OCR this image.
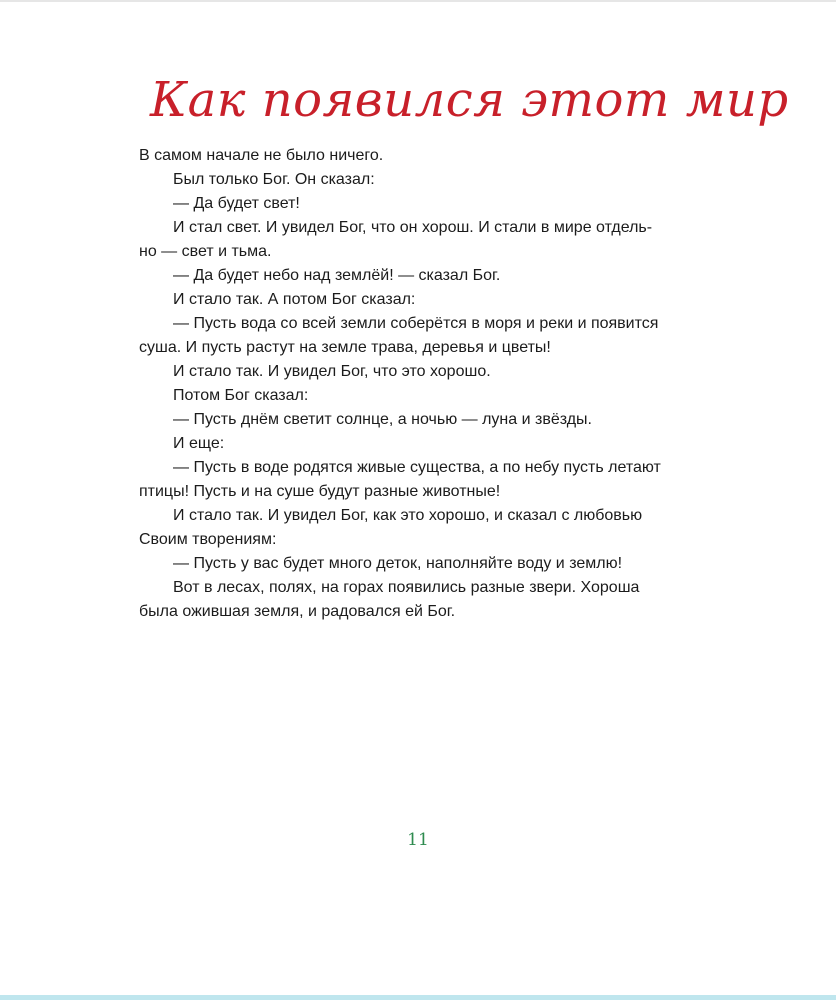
Как появился этот мир
В самом начале не было ничего.
Был только Бог. Он сказал:
— Да будет свет!
И стал свет. И увидел Бог, что он хорош. И стали в мире отдель-
но — свет и тьма.
— Да будет небо над землёй! — сказал Бог.
И стало так. А потом Бог сказал:
— Пусть вода со всей земли соберётся в моря и реки и появится
суша. И пусть растут на земле трава, деревья и цветы!
И стало так. И увидел Бог, что это хорошо.
Потом Бог сказал:
— Пусть днём светит солнце, а ночью — луна и звёзды.
И еще:
— Пусть в воде родятся живые существа, а по небу пусть летают
птицы! Пусть и на суше будут разные животные!
И стало так. И увидел Бог, как это хорошо, и сказал с любовью
Своим творениям:
— Пусть у вас будет много деток, наполняйте воду и землю!
Вот в лесах, полях, на горах появились разные звери. Хороша
была ожившая земля, и радовался ей Бог.
11
